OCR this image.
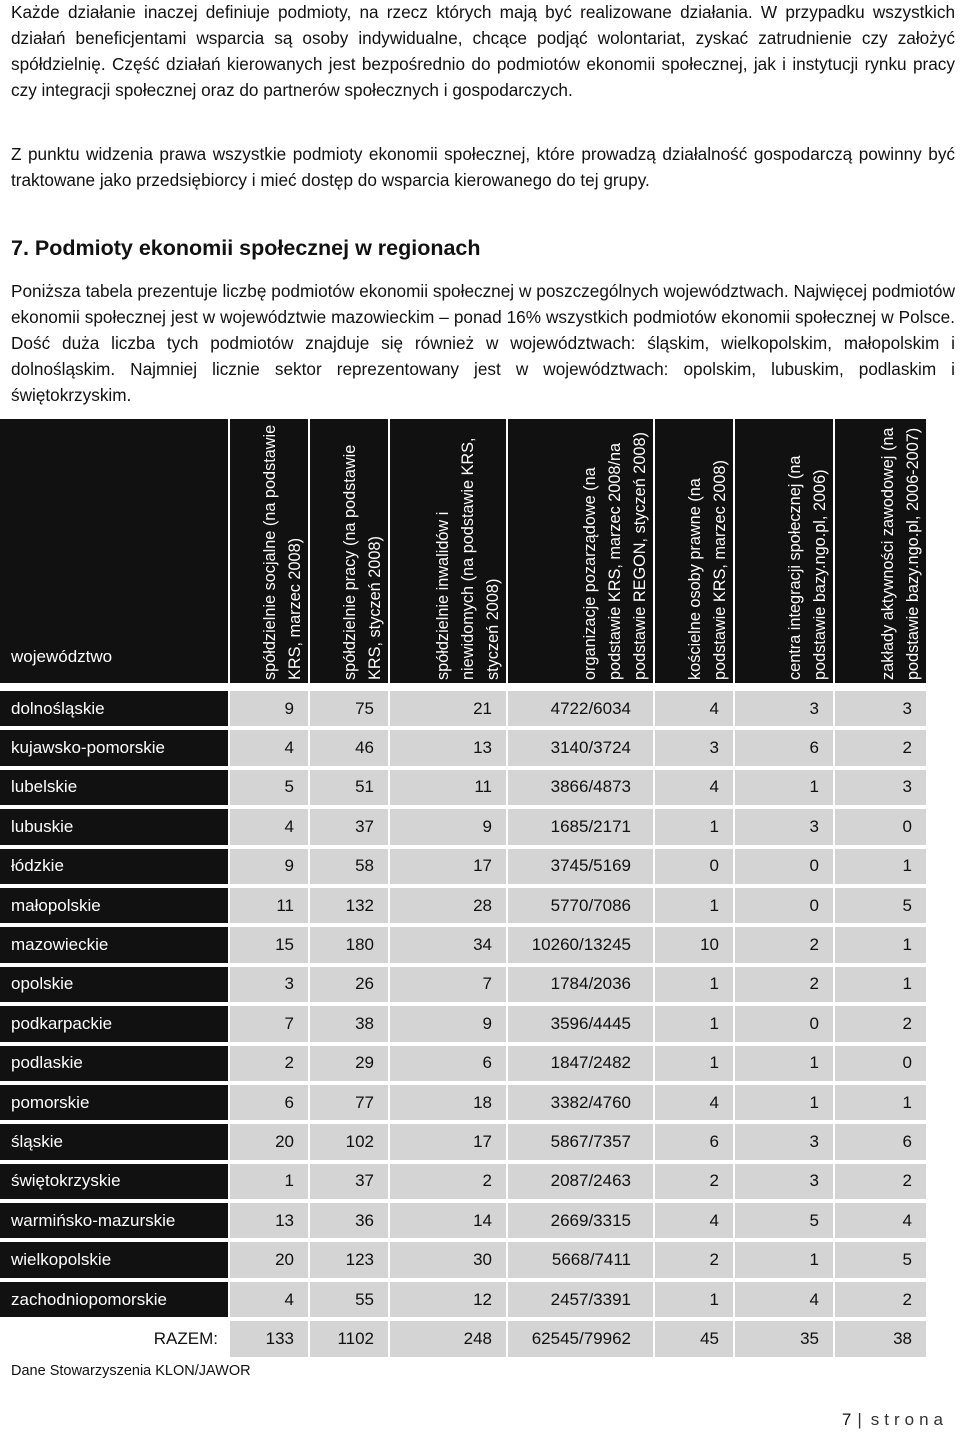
Każde działanie inaczej definiuje podmioty, na rzecz których mają być realizowane działania. W przypadku wszystkich działań beneficjentami wsparcia są osoby indywidualne, chcące podjąć wolontariat, zyskać zatrudnienie czy założyć spółdzielnię. Część działań kierowanych jest bezpośrednio do podmiotów ekonomii społecznej, jak i instytucji rynku pracy czy integracji społecznej oraz do partnerów społecznych i gospodarczych.

Z punktu widzenia prawa wszystkie podmioty ekonomii społecznej, które prowadzą działalność gospodarczą powinny być traktowane jako przedsiębiorcy i mieć dostęp do wsparcia kierowanego do tej grupy.

7. Podmioty ekonomii społecznej w regionach

Poniższa tabela prezentuje liczbę podmiotów ekonomii społecznej w poszczególnych województwach. Najwięcej podmiotów ekonomii społecznej jest w województwie mazowieckim – ponad 16% wszystkich podmiotów ekonomii społecznej w Polsce. Dość duża liczba tych podmiotów znajduje się również w województwach: śląskim, wielkopolskim, małopolskim i dolnośląskim. Najmniej licznie sektor reprezentowany jest w województwach: opolskim, lubuskim, podlaskim i świętokrzyskim.

województwo	spółdzielnie socjalne (na podstawie KRS, marzec 2008)	spółdzielnie pracy (na podstawie KRS, styczeń 2008)	spółdzielnie inwalidów i niewidomych (na podstawie KRS, styczeń 2008)	organizacje pozarządowe (na podstawie KRS, marzec 2008/na podstawie REGON, styczeń 2008)	kościelne osoby prawne (na podstawie KRS, marzec 2008)	centra integracji społecznej (na podstawie bazy.ngo.pl, 2006)	zakłady aktywności zawodowej (na podstawie bazy.ngo.pl, 2006-2007)

dolnośląskie	9	75	21	4722/6034	4	3	3
kujawsko-pomorskie	4	46	13	3140/3724	3	6	2
lubelskie	5	51	11	3866/4873	4	1	3
lubuskie	4	37	9	1685/2171	1	3	0
łódzkie	9	58	17	3745/5169	0	0	1
małopolskie	11	132	28	5770/7086	1	0	5
mazowieckie	15	180	34	10260/13245	10	2	1
opolskie	3	26	7	1784/2036	1	2	1
podkarpackie	7	38	9	3596/4445	1	0	2
podlaskie	2	29	6	1847/2482	1	1	0
pomorskie	6	77	18	3382/4760	4	1	1
śląskie	20	102	17	5867/7357	6	3	6
świętokrzyskie	1	37	2	2087/2463	2	3	2
warmińsko-mazurskie	13	36	14	2669/3315	4	5	4
wielkopolskie	20	123	30	5668/7411	2	1	5
zachodniopomorskie	4	55	12	2457/3391	1	4	2
RAZEM:	133	1102	248	62545/79962	45	35	38

Dane Stowarzyszenia KLON/JAWOR

7 | strona
